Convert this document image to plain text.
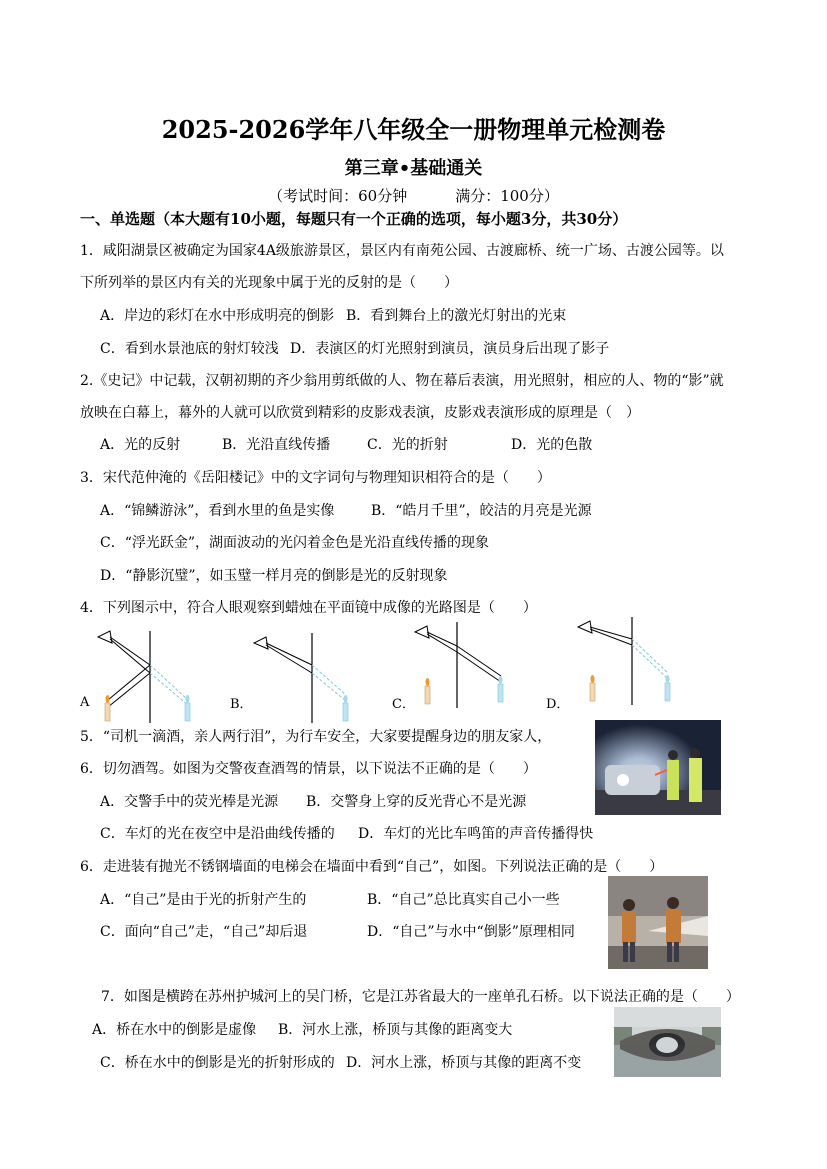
2025-2026学年八年级全一册物理单元检测卷
第三章•基础通关
（考试时间：60分钟	满分：100分）
一、单选题（本大题有10小题，每题只有一个正确的选项，每小题3分，共30分）
1．咸阳湖景区被确定为国家4A级旅游景区，景区内有南苑公园、古渡廊桥、统一广场、古渡公园等。以
下所列举的景区内有关的光现象中属于光的反射的是（　　）
A．岸边的彩灯在水中形成明亮的倒影 B．看到舞台上的激光灯射出的光束
C．看到水景池底的射灯较浅 D．表演区的灯光照射到演员，演员身后出现了影子
2.《史记》中记载，汉朝初期的齐少翁用剪纸做的人、物在幕后表演，用光照射，相应的人、物的“影”就
放映在白幕上，幕外的人就可以欣赏到精彩的皮影戏表演，皮影戏表演形成的原理是（　）
A．光的反射	B．光沿直线传播	C．光的折射	D．光的色散
3．宋代范仲淹的《岳阳楼记》中的文字词句与物理知识相符合的是（　　）
A．“锦鳞游泳”，看到水里的鱼是实像	B．“皓月千里”，皎洁的月亮是光源
C．“浮光跃金”，湖面波动的光闪着金色是光沿直线传播的现象
D．“静影沉璧”，如玉璧一样月亮的倒影是光的反射现象
4．下列图示中，符合人眼观察到蜡烛在平面镜中成像的光路图是（　　）
A	B．	C．	D．
5．“司机一滴酒，亲人两行泪”，为行车安全，大家要提醒身边的朋友家人，
6．切勿酒驾。如图为交警夜查酒驾的情景，以下说法不正确的是（　　）
A．交警手中的荧光棒是光源 B．交警身上穿的反光背心不是光源
C．车灯的光在夜空中是沿曲线传播的 D．车灯的光比车鸣笛的声音传播得快
6．走进装有抛光不锈钢墙面的电梯会在墙面中看到“自己”，如图。下列说法正确的是（　　）
A．“自己”是由于光的折射产生的	B．“自己”总比真实自己小一些
C．面向“自己”走，“自己”却后退	D．“自己”与水中“倒影”原理相同
7．如图是横跨在苏州护城河上的吴门桥，它是江苏省最大的一座单孔石桥。以下说法正确的是（　　）
A．桥在水中的倒影是虚像 B．河水上涨，桥顶与其像的距离变大
C．桥在水中的倒影是光的折射形成的 D．河水上涨，桥顶与其像的距离不变
